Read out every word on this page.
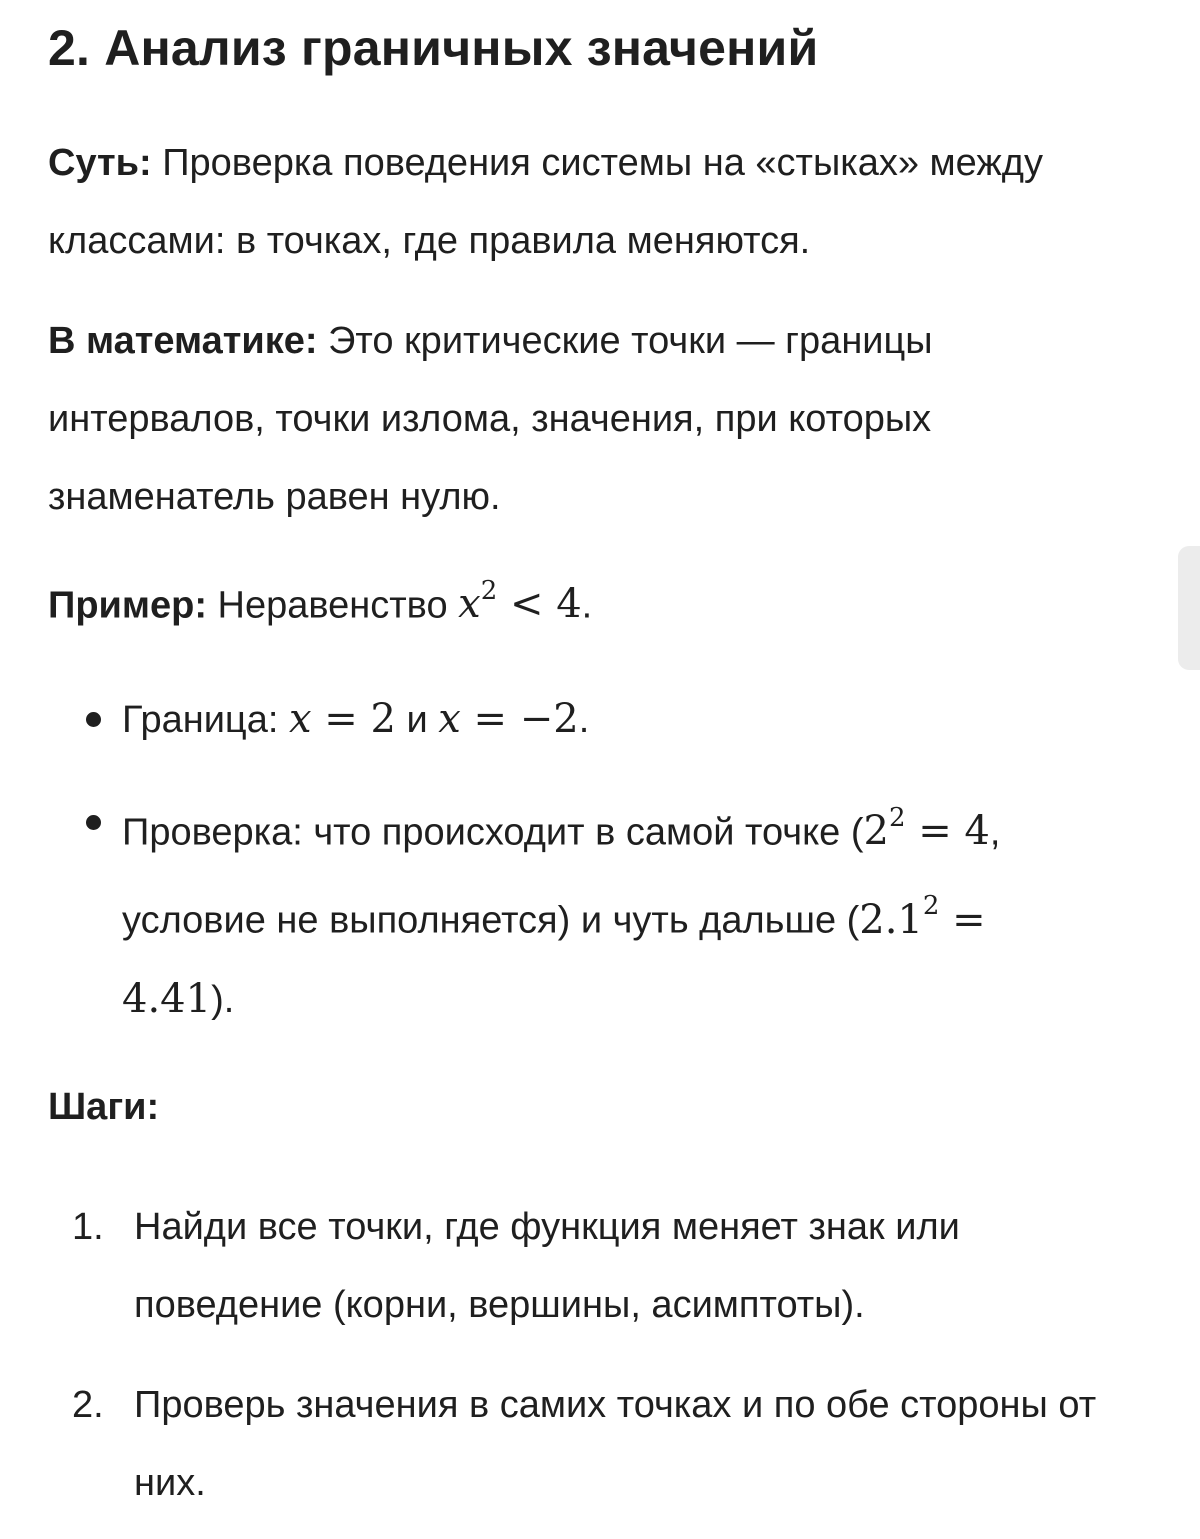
2. Анализ граничных значений

Суть: Проверка поведения системы на «стыках» между классами: в точках, где правила меняются.

В математике: Это критические точки — границы интервалов, точки излома, значения, при которых знаменатель равен нулю.

Пример: Неравенство $x^2 < 4$.

Граница: x = 2 и x = −2.
Проверка: что происходит в самой точке ($2^2 = 4$, условие не выполняется) и чуть дальше $(2.1^2 = 4.41)$.

Шаги:

1. Найди все точки, где функция меняет знак или поведение (корни, вершины, асимптоты).
2. Проверь значения в самих точках и по обе стороны от них.
